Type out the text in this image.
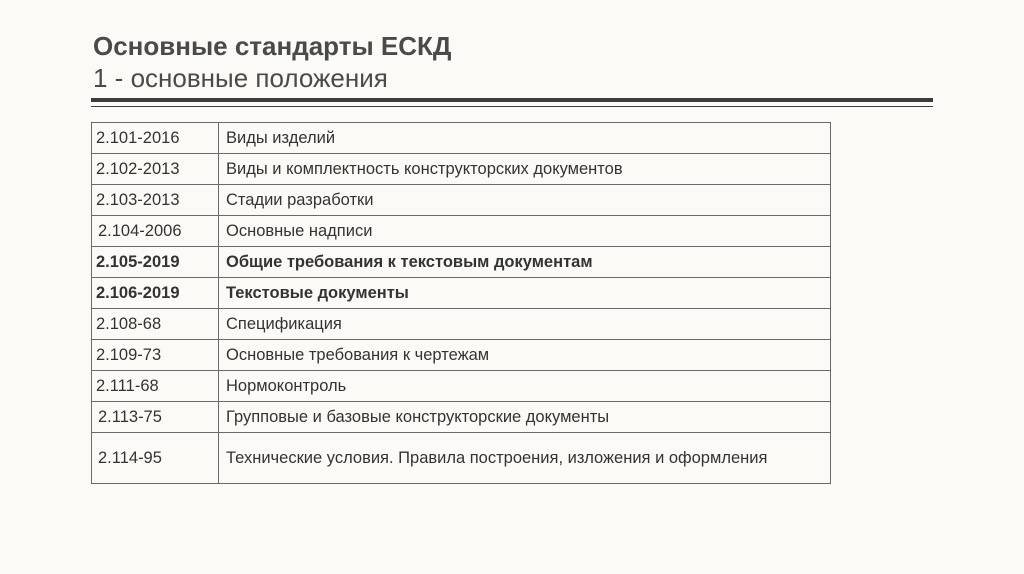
Основные стандарты ЕСКД
1 - основные положения
2.101-2016	Виды изделий
2.102-2013	Виды и комплектность конструкторских документов
2.103-2013	Стадии разработки
2.104-2006	Основные надписи
2.105-2019	Общие требования к текстовым документам
2.106-2019	Текстовые документы
2.108-68	Спецификация
2.109-73	Основные требования к чертежам
2.111-68	Нормоконтроль
2.113-75	Групповые и базовые конструкторские документы
2.114-95	Технические условия. Правила построения, изложения и оформления
